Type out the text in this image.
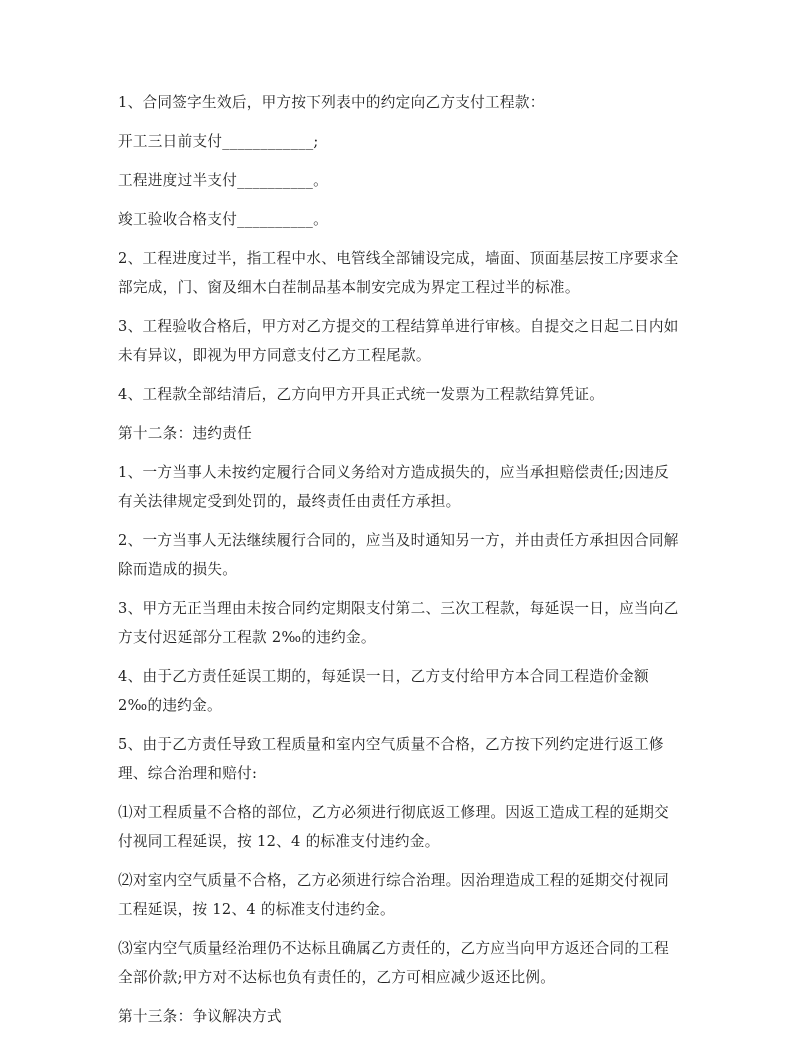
1、合同签字生效后，甲方按下列表中的约定向乙方支付工程款：

开工三日前支付____________;

工程进度过半支付__________。

竣工验收合格支付__________。

2、工程进度过半，指工程中水、电管线全部铺设完成，墙面、顶面基层按工序要求全部完成，门、窗及细木白茬制品基本制安完成为界定工程过半的标准。

3、工程验收合格后，甲方对乙方提交的工程结算单进行审核。自提交之日起二日内如未有异议，即视为甲方同意支付乙方工程尾款。

4、工程款全部结清后，乙方向甲方开具正式统一发票为工程款结算凭证。

第十二条：违约责任

1、一方当事人未按约定履行合同义务给对方造成损失的，应当承担赔偿责任;因违反有关法律规定受到处罚的，最终责任由责任方承担。

2、一方当事人无法继续履行合同的，应当及时通知另一方，并由责任方承担因合同解除而造成的损失。

3、甲方无正当理由未按合同约定期限支付第二、三次工程款，每延误一日，应当向乙方支付迟延部分工程款 2‰的违约金。

4、由于乙方责任延误工期的，每延误一日，乙方支付给甲方本合同工程造价金额 2‰的违约金。

5、由于乙方责任导致工程质量和室内空气质量不合格，乙方按下列约定进行返工修理、综合治理和赔付:

⑴对工程质量不合格的部位，乙方必须进行彻底返工修理。因返工造成工程的延期交付视同工程延误，按 12、4 的标准支付违约金。

⑵对室内空气质量不合格，乙方必须进行综合治理。因治理造成工程的延期交付视同工程延误，按 12、4 的标准支付违约金。

⑶室内空气质量经治理仍不达标且确属乙方责任的，乙方应当向甲方返还合同的工程全部价款;甲方对不达标也负有责任的，乙方可相应减少返还比例。

第十三条：争议解决方式
